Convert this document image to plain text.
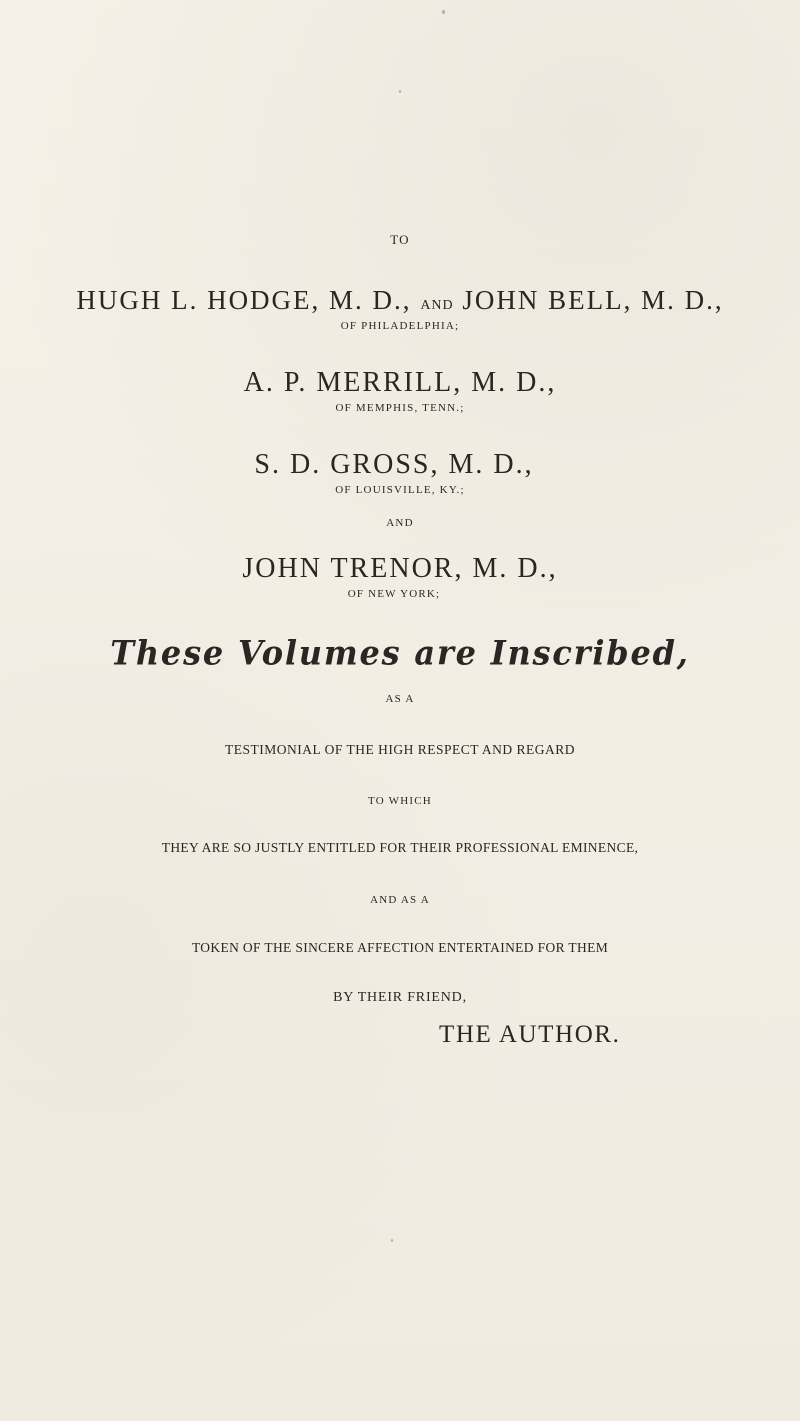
TO
HUGH L. HODGE, M. D., AND JOHN BELL, M. D.,
OF PHILADELPHIA;
A. P. MERRILL, M. D.,
OF MEMPHIS, TENN.;
S. D. GROSS, M. D.,
OF LOUISVILLE, KY.;
AND
JOHN TRENOR, M. D.,
OF NEW YORK;
These Volumes are Inscribed,
AS A
TESTIMONIAL OF THE HIGH RESPECT AND REGARD
TO WHICH
THEY ARE SO JUSTLY ENTITLED FOR THEIR PROFESSIONAL EMINENCE,
AND AS A
TOKEN OF THE SINCERE AFFECTION ENTERTAINED FOR THEM
BY THEIR FRIEND,
THE AUTHOR.
